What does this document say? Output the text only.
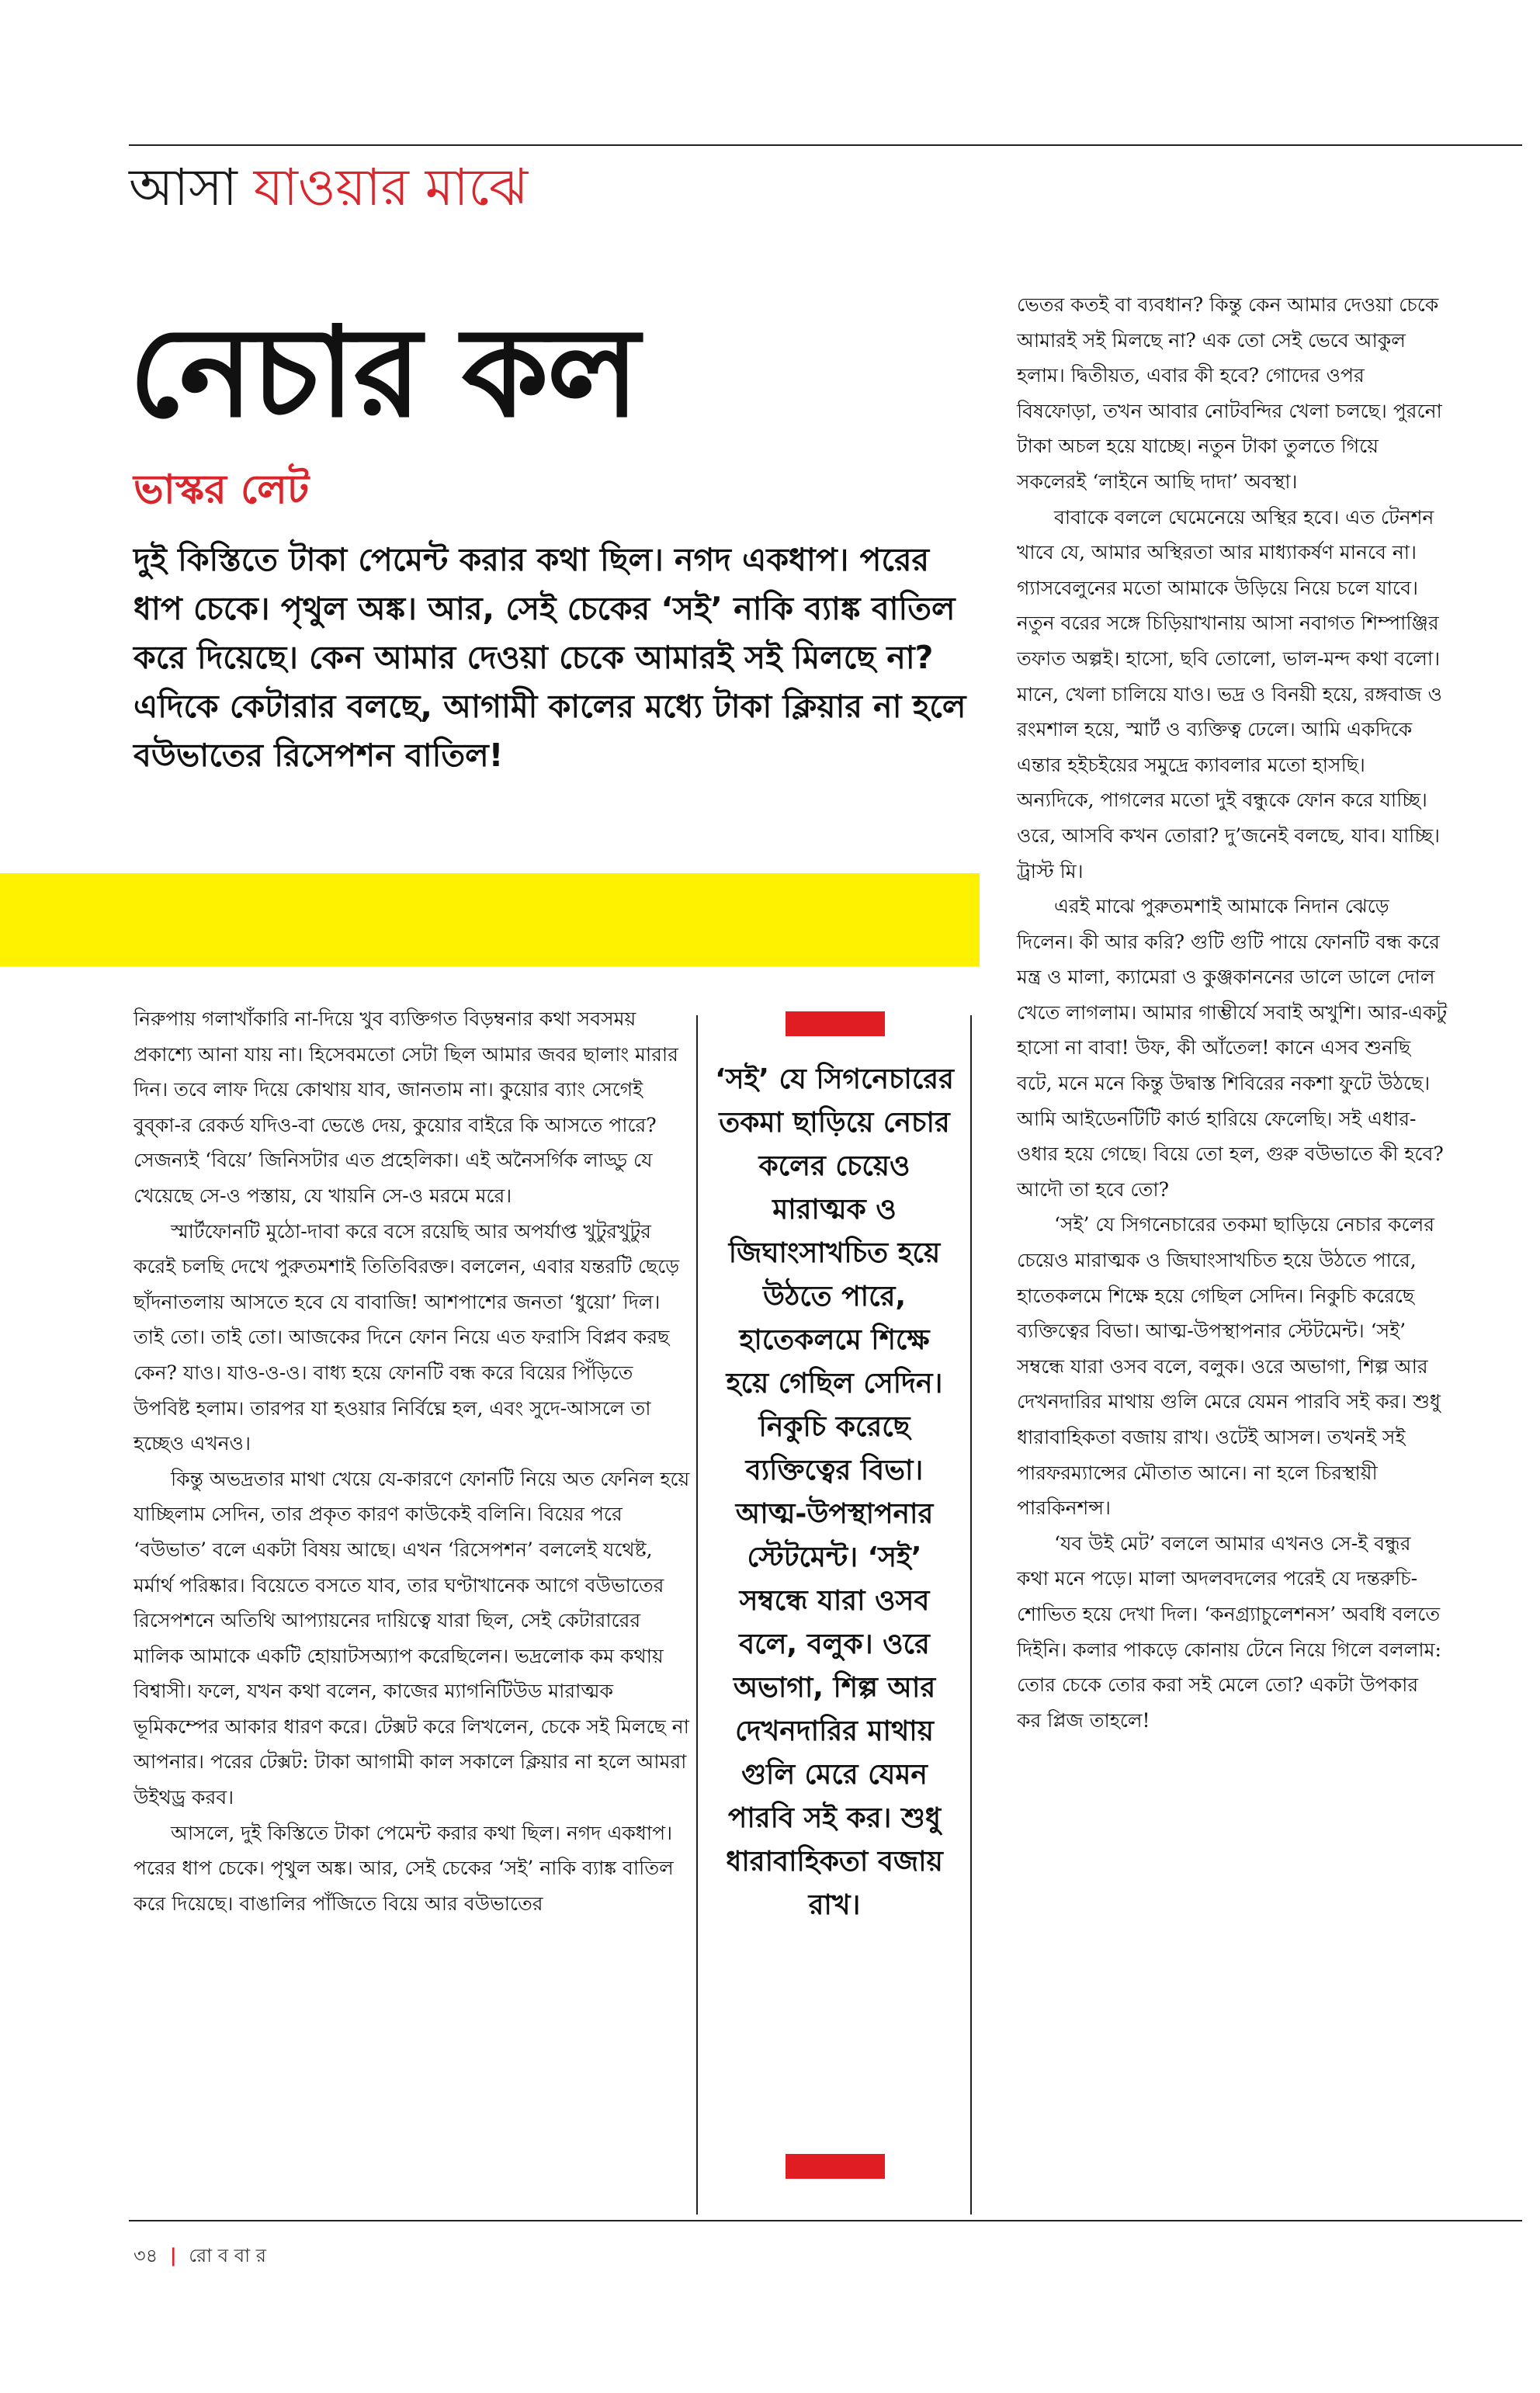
আসা যাওয়ার মাঝে
নেচার কল
ভাস্কর লেট
দুই কিস্তিতে টাকা পেমেন্ট করার কথা ছিল। নগদ একধাপ। পরের ধাপ চেকে। পৃথুল অঙ্ক। আর, সেই চেকের ‘সই’ নাকি ব্যাঙ্ক বাতিল করে দিয়েছে। কেন আমার দেওয়া চেকে আমারই সই মিলছে না? এদিকে কেটারার বলছে, আগামী কালের মধ্যে টাকা ক্লিয়ার না হলে বউভাতের রিসেপশন বাতিল!

নিরুপায় গলাখাঁকারি না-দিয়ে খুব ব্যক্তিগত বিড়ম্বনার কথা সবসময় প্রকাশ্যে আনা যায় না। হিসেবমতো সেটা ছিল আমার জবর ছালাং মারার দিন। তবে লাফ দিয়ে কোথায় যাব, জানতাম না। কুয়োর ব্যাং সেগেই বুব্কা-র রেকর্ড যদিও-বা ভেঙে দেয়, কুয়োর বাইরে কি আসতে পারে? সেজন্যই ‘বিয়ে’ জিনিসটার এত প্রহেলিকা। এই অনৈসর্গিক লাড্ডু যে খেয়েছে সে-ও পস্তায়, যে খায়নি সে-ও মরমে মরে।

স্মার্টফোনটি মুঠো-দাবা করে বসে রয়েছি আর অপর্যাপ্ত খুটুরখুটুর করেই চলছি দেখে পুরুতমশাই তিতিবিরক্ত। বললেন, এবার যন্তরটি ছেড়ে ছাঁদনাতলায় আসতে হবে যে বাবাজি! আশপাশের জনতা ‘ধুয়ো’ দিল। তাই তো। তাই তো। আজকের দিনে ফোন নিয়ে এত ফরাসি বিপ্লব করছ কেন? যাও। যাও-ও-ও। বাধ্য হয়ে ফোনটি বন্ধ করে বিয়ের পিঁড়িতে উপবিষ্ট হলাম। তারপর যা হওয়ার নির্বিঘ্নে হল, এবং সুদে-আসলে তা হচ্ছেও এখনও।

কিন্তু অভদ্রতার মাথা খেয়ে যে-কারণে ফোনটি নিয়ে অত ফেনিল হয়ে যাচ্ছিলাম সেদিন, তার প্রকৃত কারণ কাউকেই বলিনি। বিয়ের পরে ‘বউভাত’ বলে একটা বিষয় আছে। এখন ‘রিসেপশন’ বললেই যথেষ্ট, মর্মার্থ পরিষ্কার। বিয়েতে বসতে যাব, তার ঘণ্টাখানেক আগে বউভাতের রিসেপশনে অতিথি আপ্যায়নের দায়িত্বে যারা ছিল, সেই কেটারারের মালিক আমাকে একটি হোয়াটসঅ্যাপ করেছিলেন। ভদ্রলোক কম কথায় বিশ্বাসী। ফলে, যখন কথা বলেন, কাজের ম্যাগনিটিউড মারাত্মক ভূমিকম্পের আকার ধারণ করে। টেক্সট করে লিখলেন, চেকে সই মিলছে না আপনার। পরের টেক্সট: টাকা আগামী কাল সকালে ক্লিয়ার না হলে আমরা উইথড্র করব।

আসলে, দুই কিস্তিতে টাকা পেমেন্ট করার কথা ছিল। নগদ একধাপ। পরের ধাপ চেকে। পৃথুল অঙ্ক। আর, সেই চেকের ‘সই’ নাকি ব্যাঙ্ক বাতিল করে দিয়েছে। বাঙালির পাঁজিতে বিয়ে আর বউভাতের

‘সই’ যে সিগনেচারের তকমা ছাড়িয়ে নেচার কলের চেয়েও মারাত্মক ও জিঘাংসাখচিত হয়ে উঠতে পারে, হাতেকলমে শিক্ষে হয়ে গেছিল সেদিন। নিকুচি করেছে ব্যক্তিত্বের বিভা। আত্ম-উপস্থাপনার স্টেটমেন্ট। ‘সই’ সম্বন্ধে যারা ওসব বলে, বলুক। ওরে অভাগা, শিল্প আর দেখনদারির মাথায় গুলি মেরে যেমন পারবি সই কর। শুধু ধারাবাহিকতা বজায় রাখ।

ভেতর কতই বা ব্যবধান? কিন্তু কেন আমার দেওয়া চেকে আমারই সই মিলছে না? এক তো সেই ভেবে আকুল হলাম। দ্বিতীয়ত, এবার কী হবে? গোদের ওপর বিষফোড়া, তখন আবার নোটবন্দির খেলা চলছে। পুরনো টাকা অচল হয়ে যাচ্ছে। নতুন টাকা তুলতে গিয়ে সকলেরই ‘লাইনে আছি দাদা’ অবস্থা।

বাবাকে বললে ঘেমেনেয়ে অস্থির হবে। এত টেনশন খাবে যে, আমার অস্থিরতা আর মাধ্যাকর্ষণ মানবে না। গ্যাসবেলুনের মতো আমাকে উড়িয়ে নিয়ে চলে যাবে। নতুন বরের সঙ্গে চিড়িয়াখানায় আসা নবাগত শিম্পাঞ্জির তফাত অল্পই। হাসো, ছবি তোলো, ভাল-মন্দ কথা বলো। মানে, খেলা চালিয়ে যাও। ভদ্র ও বিনয়ী হয়ে, রঙ্গবাজ ও রংমশাল হয়ে, স্মার্ট ও ব্যক্তিত্ব ঢেলে। আমি একদিকে এন্তার হইচইয়ের সমুদ্রে ক্যাবলার মতো হাসছি। অন্যদিকে, পাগলের মতো দুই বন্ধুকে ফোন করে যাচ্ছি। ওরে, আসবি কখন তোরা? দু’জনেই বলছে, যাব। যাচ্ছি। ট্রাস্ট মি।

এরই মাঝে পুরুতমশাই আমাকে নিদান ঝেড়ে দিলেন। কী আর করি? গুটি গুটি পায়ে ফোনটি বন্ধ করে মন্ত্র ও মালা, ক্যামেরা ও কুঞ্জকাননের ডালে ডালে দোল খেতে লাগলাম। আমার গাম্ভীর্যে সবাই অখুশি। আর-একটু হাসো না বাবা! উফ, কী আঁতেল! কানে এসব শুনছি বটে, মনে মনে কিন্তু উদ্বাস্ত শিবিরের নকশা ফুটে উঠছে। আমি আইডেনটিটি কার্ড হারিয়ে ফেলেছি। সই এধার-ওধার হয়ে গেছে। বিয়ে তো হল, গুরু বউভাতে কী হবে? আদৌ তা হবে তো?

‘সই’ যে সিগনেচারের তকমা ছাড়িয়ে নেচার কলের চেয়েও মারাত্মক ও জিঘাংসাখচিত হয়ে উঠতে পারে, হাতেকলমে শিক্ষে হয়ে গেছিল সেদিন। নিকুচি করেছে ব্যক্তিত্বের বিভা। আত্ম-উপস্থাপনার স্টেটমেন্ট। ‘সই’ সম্বন্ধে যারা ওসব বলে, বলুক। ওরে অভাগা, শিল্প আর দেখনদারির মাথায় গুলি মেরে যেমন পারবি সই কর। শুধু ধারাবাহিকতা বজায় রাখ। ওটেই আসল। তখনই সই পারফরম্যান্সের মৌতাত আনে। না হলে চিরস্থায়ী পারকিনশন্স।

‘যব উই মেট’ বললে আমার এখনও সে-ই বন্ধুর কথা মনে পড়ে। মালা অদলবদলের পরেই যে দন্তরুচি-শোভিত হয়ে দেখা দিল। ‘কনগ্র্যাচুলেশনস’ অবধি বলতে দিইনি। কলার পাকড়ে কোনায় টেনে নিয়ে গিলে বললাম: তোর চেকে তোর করা সই মেলে তো? একটা উপকার কর প্লিজ তাহলে!

৩৪ | রো ব বা র
